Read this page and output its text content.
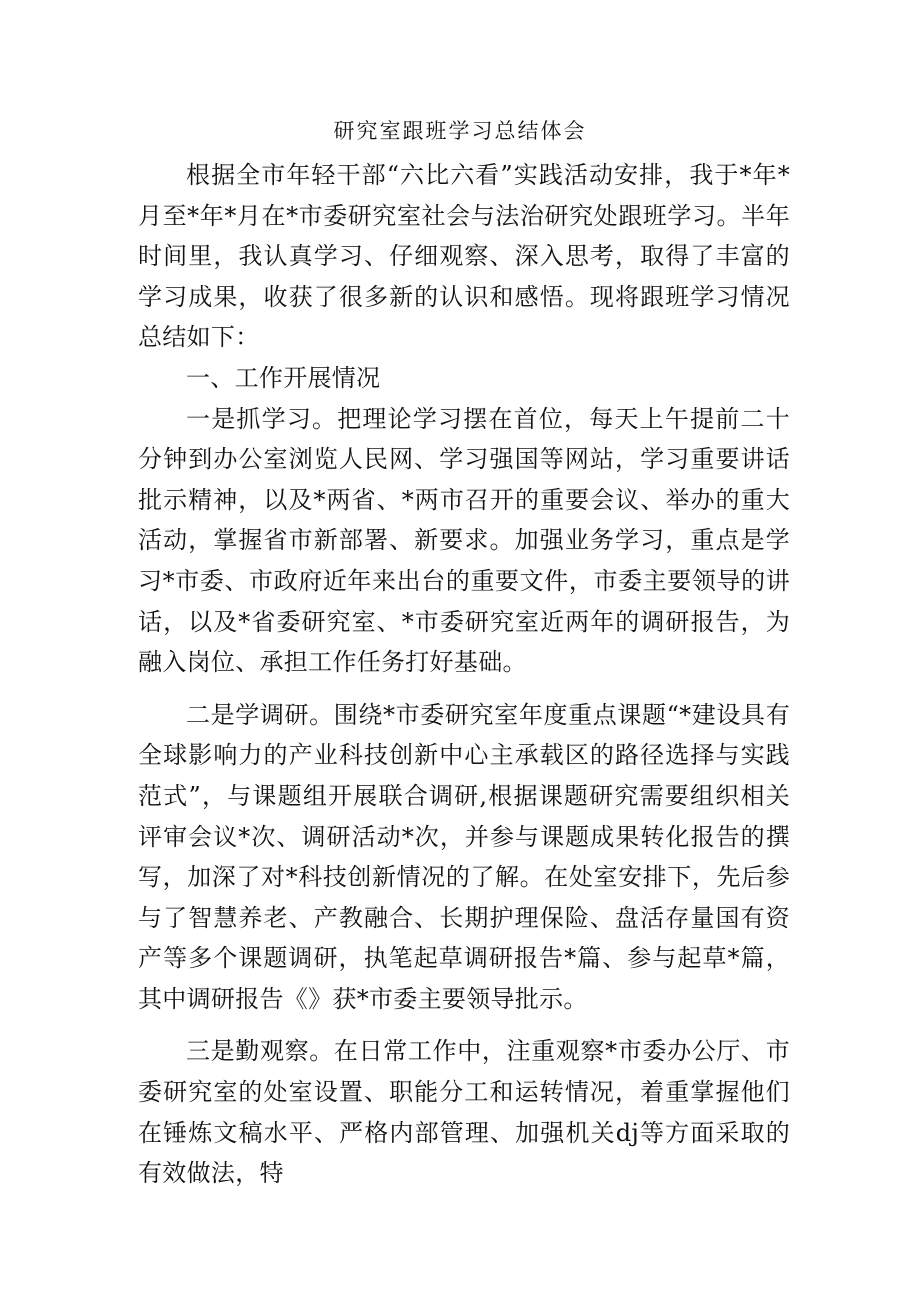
研究室跟班学习总结体会

根据全市年轻干部“六比六看”实践活动安排，我于*年*月至*年*月在*市委研究室社会与法治研究处跟班学习。半年时间里，我认真学习、仔细观察、深入思考，取得了丰富的学习成果，收获了很多新的认识和感悟。现将跟班学习情况总结如下：

一、工作开展情况

一是抓学习。把理论学习摆在首位，每天上午提前二十分钟到办公室浏览人民网、学习强国等网站，学习重要讲话批示精神，以及*两省、*两市召开的重要会议、举办的重大活动，掌握省市新部署、新要求。加强业务学习，重点是学习*市委、市政府近年来出台的重要文件，市委主要领导的讲话，以及*省委研究室、*市委研究室近两年的调研报告，为融入岗位、承担工作任务打好基础。

二是学调研。围绕*市委研究室年度重点课题“*建设具有全球影响力的产业科技创新中心主承载区的路径选择与实践范式”，与课题组开展联合调研,根据课题研究需要组织相关评审会议*次、调研活动*次，并参与课题成果转化报告的撰写，加深了对*科技创新情况的了解。在处室安排下，先后参与了智慧养老、产教融合、长期护理保险、盘活存量国有资产等多个课题调研，执笔起草调研报告*篇、参与起草*篇，其中调研报告《》获*市委主要领导批示。

三是勤观察。在日常工作中，注重观察*市委办公厅、市委研究室的处室设置、职能分工和运转情况，着重掌握他们在锤炼文稿水平、严格内部管理、加强机关dj等方面采取的有效做法，特
